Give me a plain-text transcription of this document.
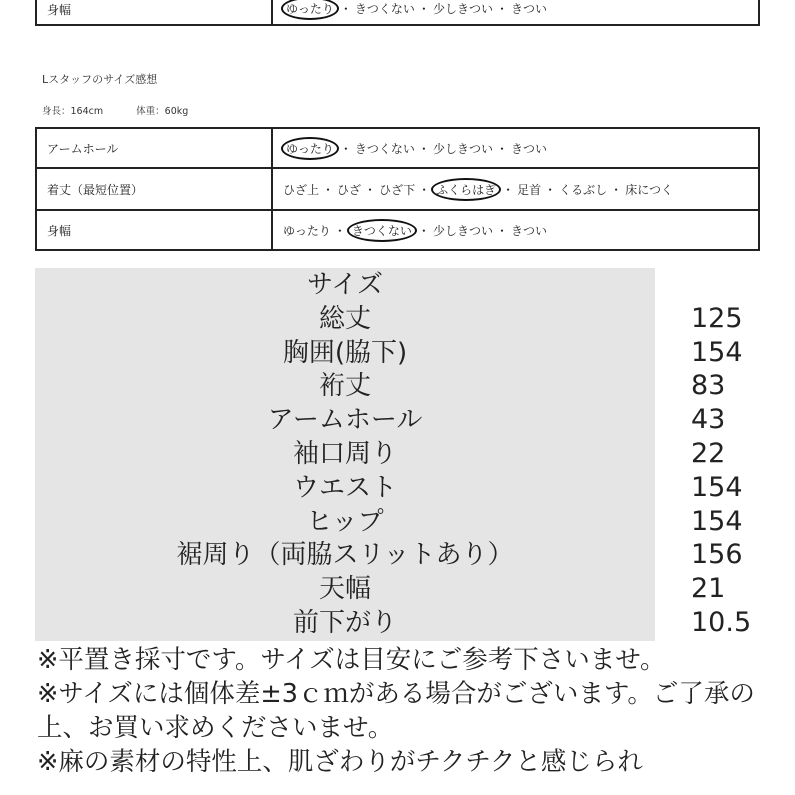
身幅	ゆったり ・ きつくない ・ 少しきつい ・ きつい
Lスタッフのサイズ感想
身長：164cm	体重：60kg
アームホール	ゆったり ・ きつくない ・ 少しきつい ・ きつい
着丈（最短位置）	ひざ上 ・ ひざ ・ ひざ下 ・ ふくらはぎ ・ 足首 ・ くるぶし ・ 床につく
身幅	ゆったり ・ きつくない ・ 少しきつい ・ きつい
サイズ
総丈	125
胸囲(脇下)	154
裄丈	83
アームホール	43
袖口周り	22
ウエスト	154
ヒップ	154
裾周り（両脇スリットあり）	156
天幅	21
前下がり	10.5

※平置き採寸です。サイズは目安にご参考下さいませ。

※サイズには個体差±3ｃｍがある場合がございます。ご了承の上、お買い求めくださいませ。

※麻の素材の特性上、肌ざわりがチクチクと感じられ
